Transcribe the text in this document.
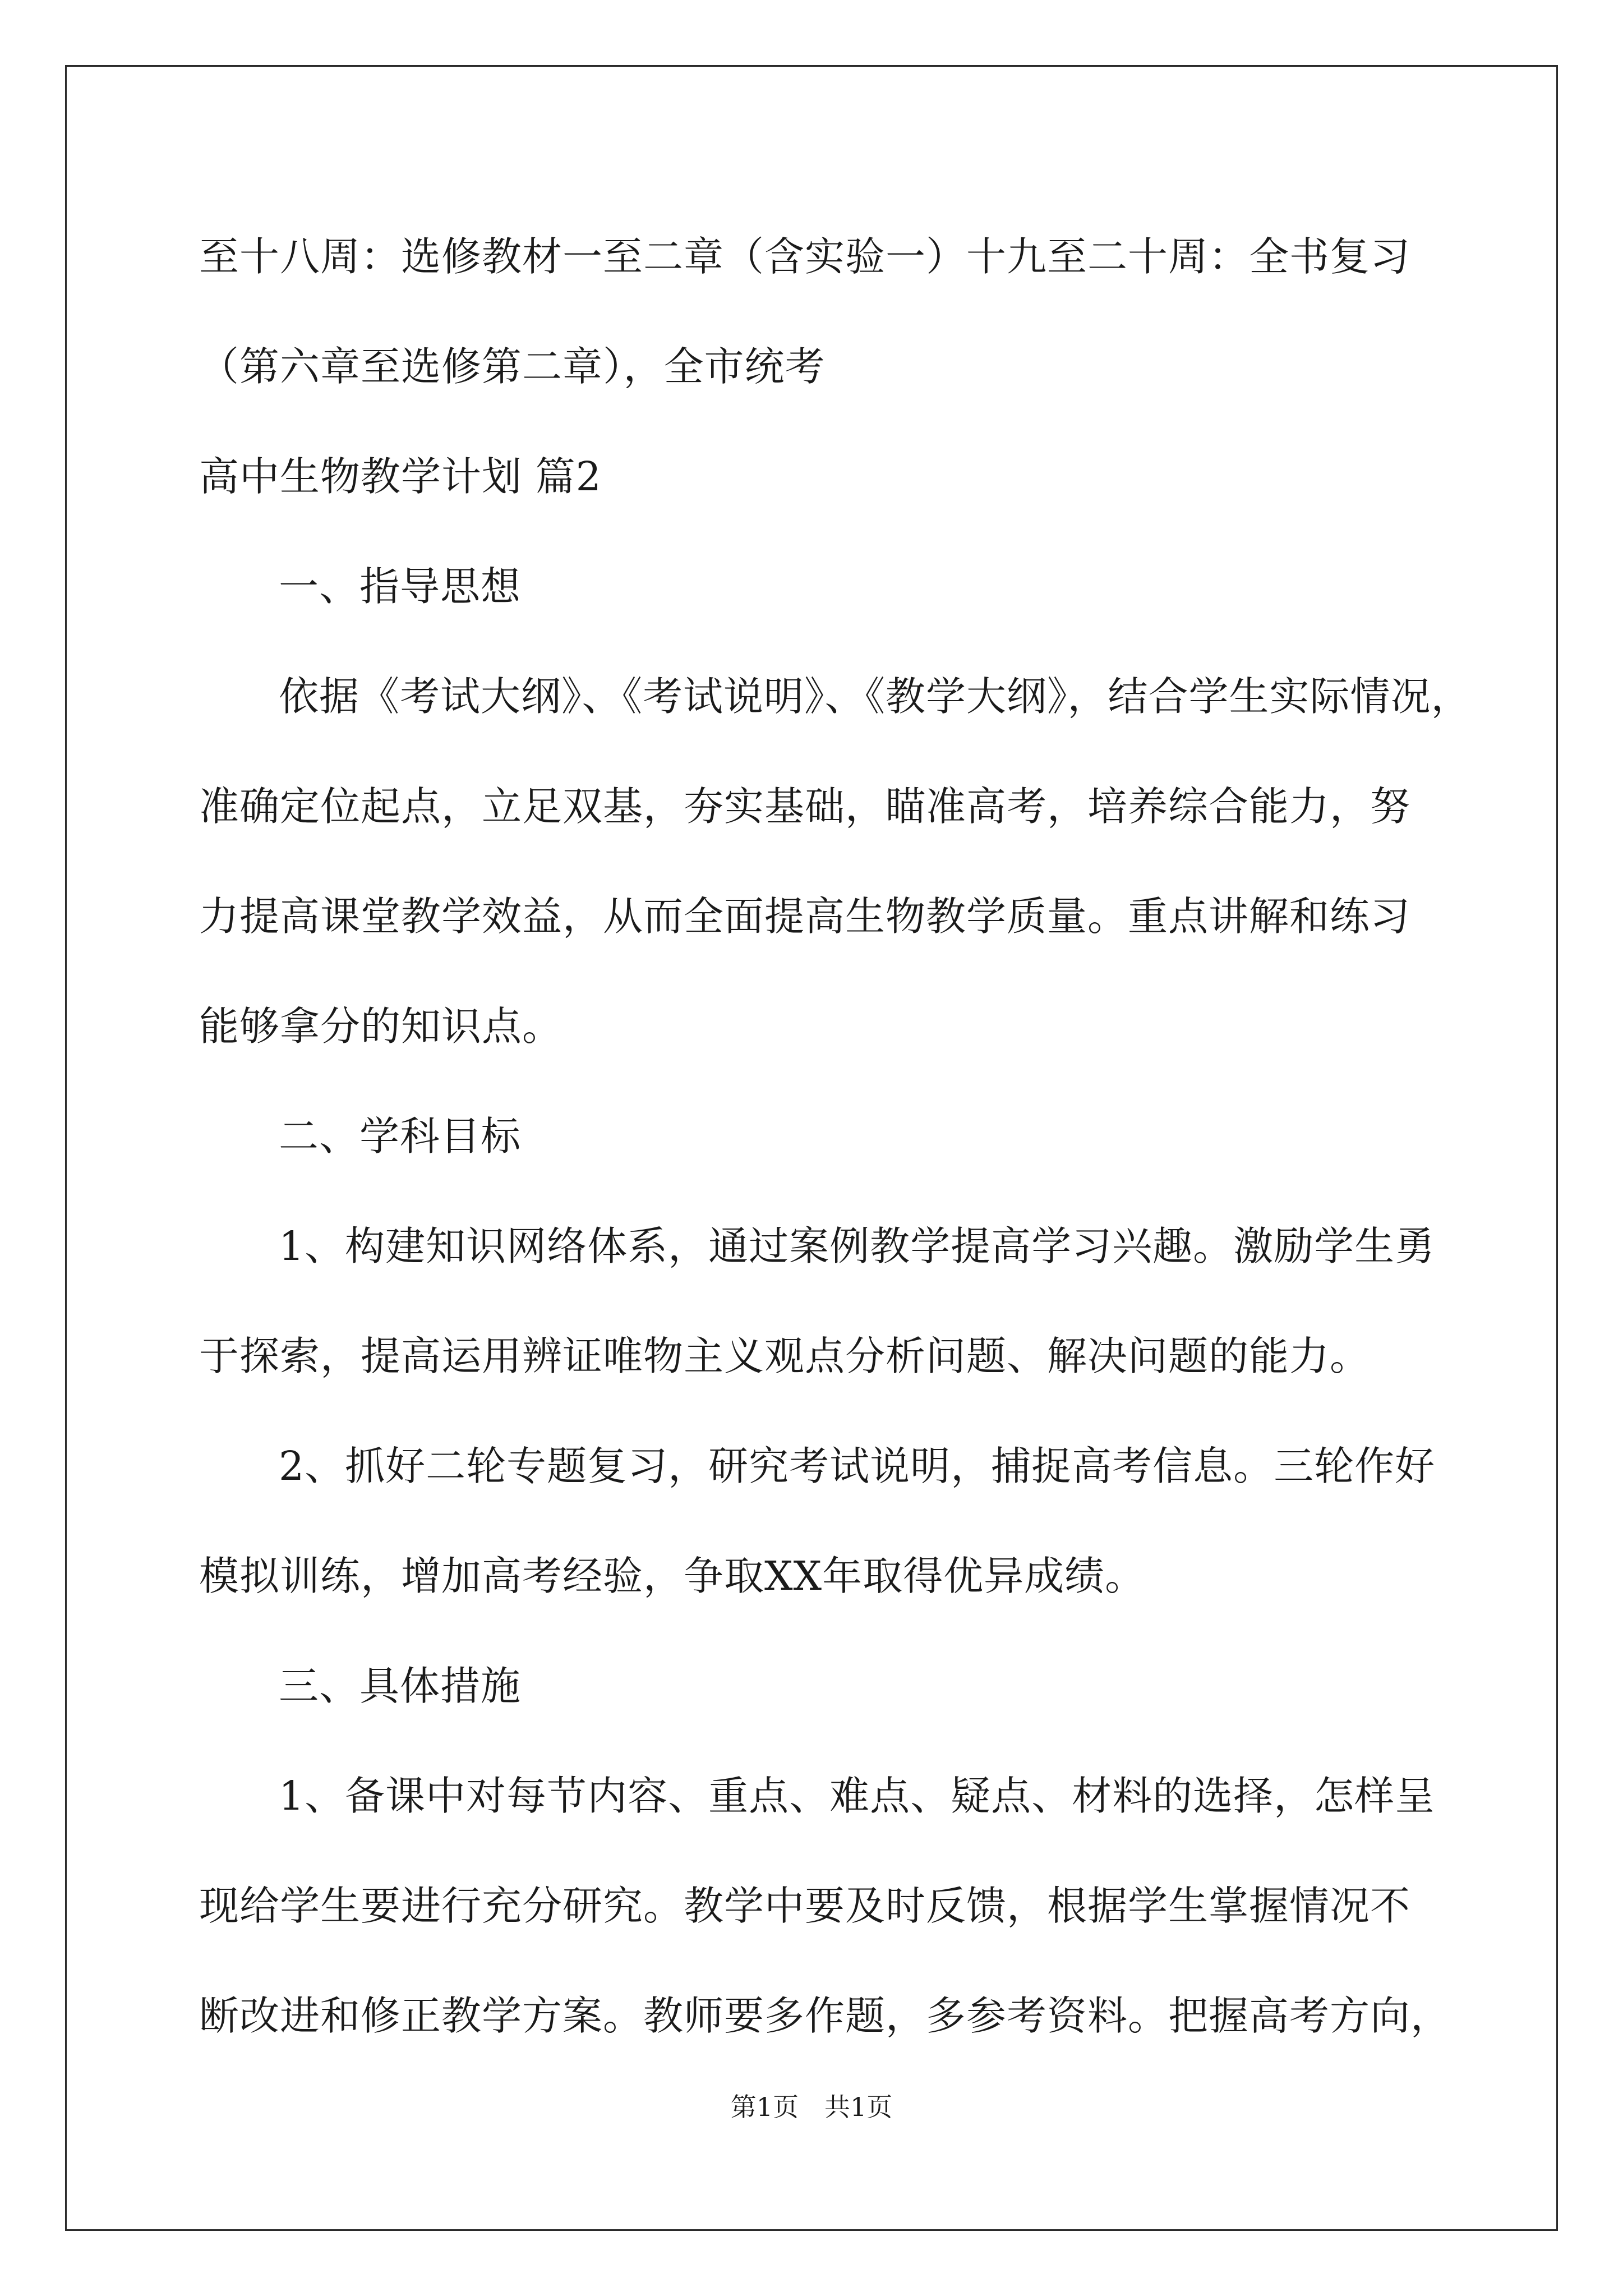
至十八周：选修教材一至二章（含实验一）十九至二十周：全书复习
（第六章至选修第二章），全市统考
高中生物教学计划 篇2
一、指导思想
依据《考试大纲》、《考试说明》、《教学大纲》，结合学生实际情况，
准确定位起点，立足双基，夯实基础，瞄准高考，培养综合能力，努
力提高课堂教学效益，从而全面提高生物教学质量。重点讲解和练习
能够拿分的知识点。
二、学科目标
1、构建知识网络体系，通过案例教学提高学习兴趣。激励学生勇
于探索，提高运用辨证唯物主义观点分析问题、解决问题的能力。
2、抓好二轮专题复习，研究考试说明，捕捉高考信息。三轮作好
模拟训练，增加高考经验，争取XX年取得优异成绩。
三、具体措施
1、备课中对每节内容、重点、难点、疑点、材料的选择，怎样呈
现给学生要进行充分研究。教学中要及时反馈，根据学生掌握情况不
断改进和修正教学方案。教师要多作题，多参考资料。把握高考方向，
第1页　共1页
